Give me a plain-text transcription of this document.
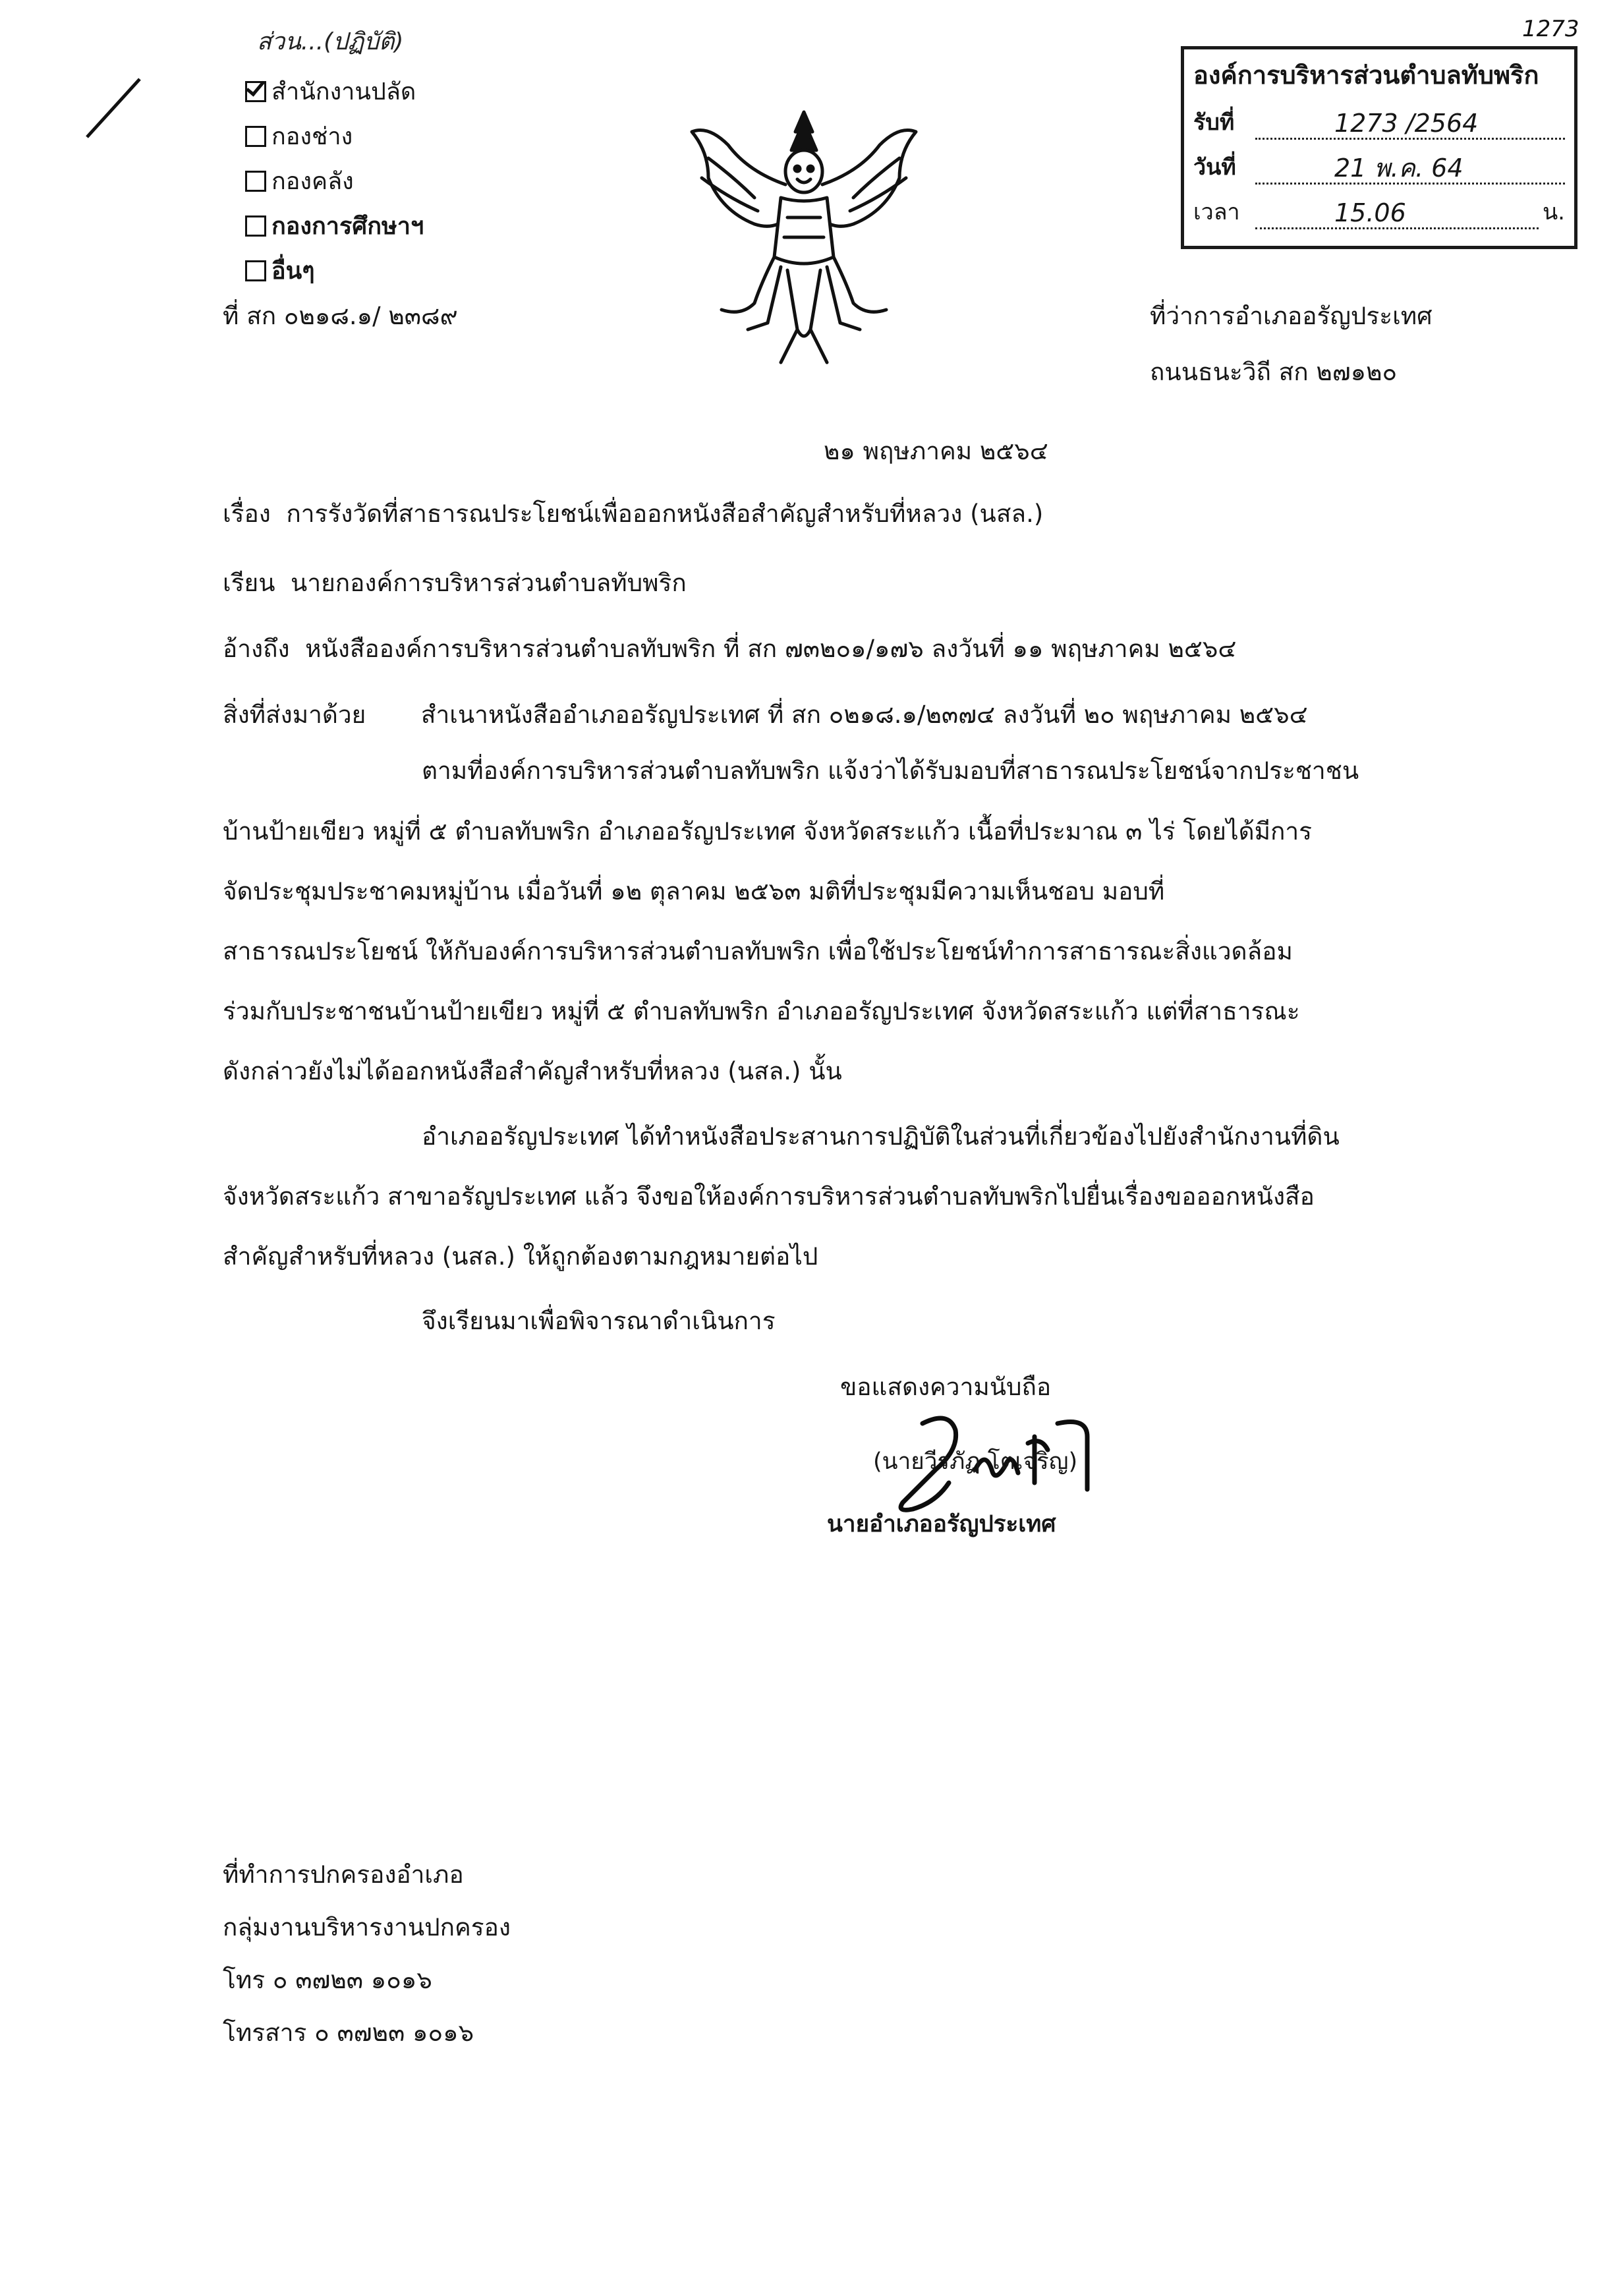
ส่วน...(ปฏิบัติ)
สำนักงานปลัด
กองช่าง
กองคลัง
กองการศึกษาฯ
อื่นๆ
1273
องค์การบริหารส่วนตำบลทับพริก
รับที่	1273 /2564
วันที่	21 พ.ค. 64
เวลา	15.06	น.
ที่ สก ๐๒๑๘.๑/ ๒๓๘๙	ที่ว่าการอำเภออรัญประเทศ
ถนนธนะวิถี สก ๒๗๑๒๐
๒๑ พฤษภาคม ๒๕๖๔
เรื่อง การรังวัดที่สาธารณประโยชน์เพื่อออกหนังสือสำคัญสำหรับที่หลวง (นสล.)
เรียน นายกองค์การบริหารส่วนตำบลทับพริก
อ้างถึง หนังสือองค์การบริหารส่วนตำบลทับพริก ที่ สก ๗๓๒๐๑/๑๗๖ ลงวันที่ ๑๑ พฤษภาคม ๒๕๖๔
สิ่งที่ส่งมาด้วย สำเนาหนังสืออำเภออรัญประเทศ ที่ สก ๐๒๑๘.๑/๒๓๗๔ ลงวันที่ ๒๐ พฤษภาคม ๒๕๖๔
ตามที่องค์การบริหารส่วนตำบลทับพริก แจ้งว่าได้รับมอบที่สาธารณประโยชน์จากประชาชน
บ้านป้ายเขียว หมู่ที่ ๕ ตำบลทับพริก อำเภออรัญประเทศ จังหวัดสระแก้ว เนื้อที่ประมาณ ๓ ไร่ โดยได้มีการ
จัดประชุมประชาคมหมู่บ้าน เมื่อวันที่ ๑๒ ตุลาคม ๒๕๖๓ มติที่ประชุมมีความเห็นชอบ มอบที่
สาธารณประโยชน์ ให้กับองค์การบริหารส่วนตำบลทับพริก เพื่อใช้ประโยชน์ทำการสาธารณะสิ่งแวดล้อม
ร่วมกับประชาชนบ้านป้ายเขียว หมู่ที่ ๕ ตำบลทับพริก อำเภออรัญประเทศ จังหวัดสระแก้ว แต่ที่สาธารณะ
ดังกล่าวยังไม่ได้ออกหนังสือสำคัญสำหรับที่หลวง (นสล.) นั้น
อำเภออรัญประเทศ ได้ทำหนังสือประสานการปฏิบัติในส่วนที่เกี่ยวข้องไปยังสำนักงานที่ดิน
จังหวัดสระแก้ว สาขาอรัญประเทศ แล้ว จึงขอให้องค์การบริหารส่วนตำบลทับพริกไปยื่นเรื่องขอออกหนังสือ
สำคัญสำหรับที่หลวง (นสล.) ให้ถูกต้องตามกฎหมายต่อไป
จึงเรียนมาเพื่อพิจารณาดำเนินการ
ขอแสดงความนับถือ
(นายวีรภัฏ โตเจริญ)
นายอำเภออรัญประเทศ
ที่ทำการปกครองอำเภอ
กลุ่มงานบริหารงานปกครอง
โทร ๐ ๓๗๒๓ ๑๐๑๖
โทรสาร ๐ ๓๗๒๓ ๑๐๑๖
